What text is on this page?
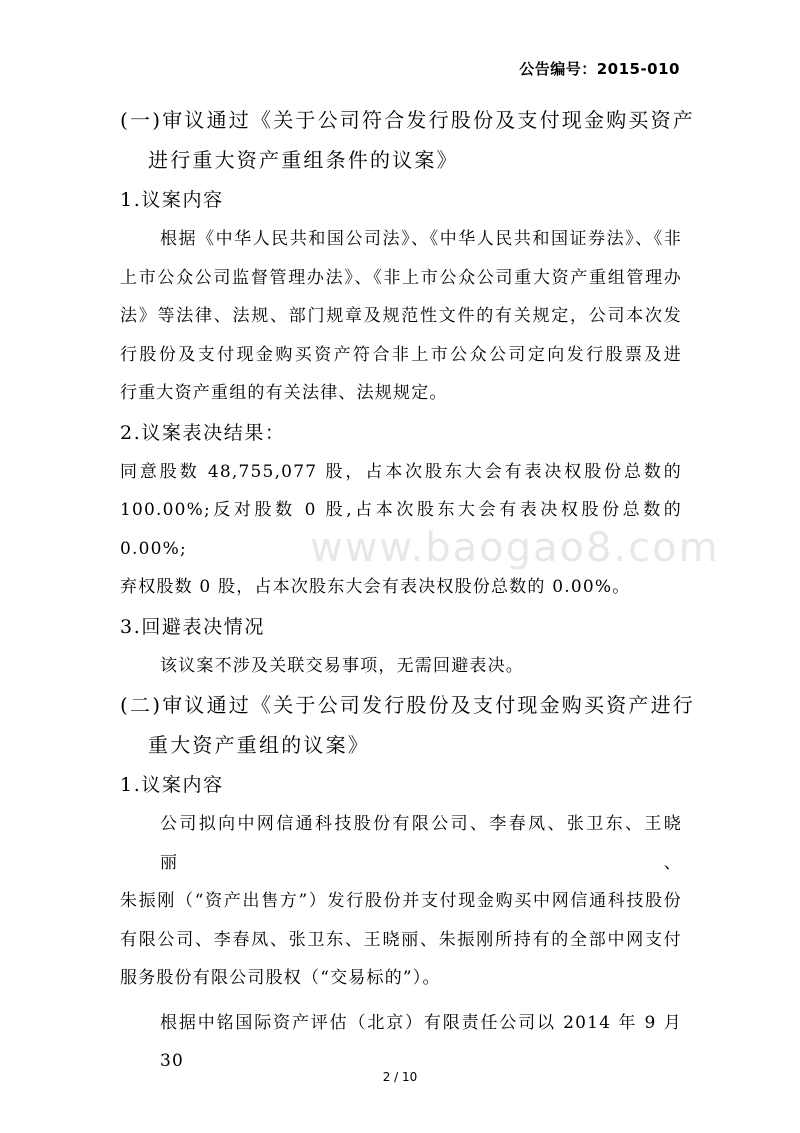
公告编号：2015-010
(一)审议通过《关于公司符合发行股份及支付现金购买资产
进行重大资产重组条件的议案》
1.议案内容
根据《中华人民共和国公司法》、《中华人民共和国证券法》、《非
上市公众公司监督管理办法》、《非上市公众公司重大资产重组管理办
法》等法律、法规、部门规章及规范性文件的有关规定，公司本次发
行股份及支付现金购买资产符合非上市公众公司定向发行股票及进
行重大资产重组的有关法律、法规规定。
2.议案表决结果：
同意股数 48,755,077 股，占本次股东大会有表决权股份总数的
100.00%;反对股数 0 股,占本次股东大会有表决权股份总数的 0.00%;
弃权股数 0 股，占本次股东大会有表决权股份总数的 0.00%。
3.回避表决情况
该议案不涉及关联交易事项，无需回避表决。
(二)审议通过《关于公司发行股份及支付现金购买资产进行
重大资产重组的议案》
1.议案内容
公司拟向中网信通科技股份有限公司、李春凤、张卫东、王晓丽、
朱振刚（“资产出售方”）发行股份并支付现金购买中网信通科技股份
有限公司、李春凤、张卫东、王晓丽、朱振刚所持有的全部中网支付
服务股份有限公司股权（“交易标的”）。
根据中铭国际资产评估（北京）有限责任公司以 2014 年 9 月 30
www.baogao8.com
2 / 10
